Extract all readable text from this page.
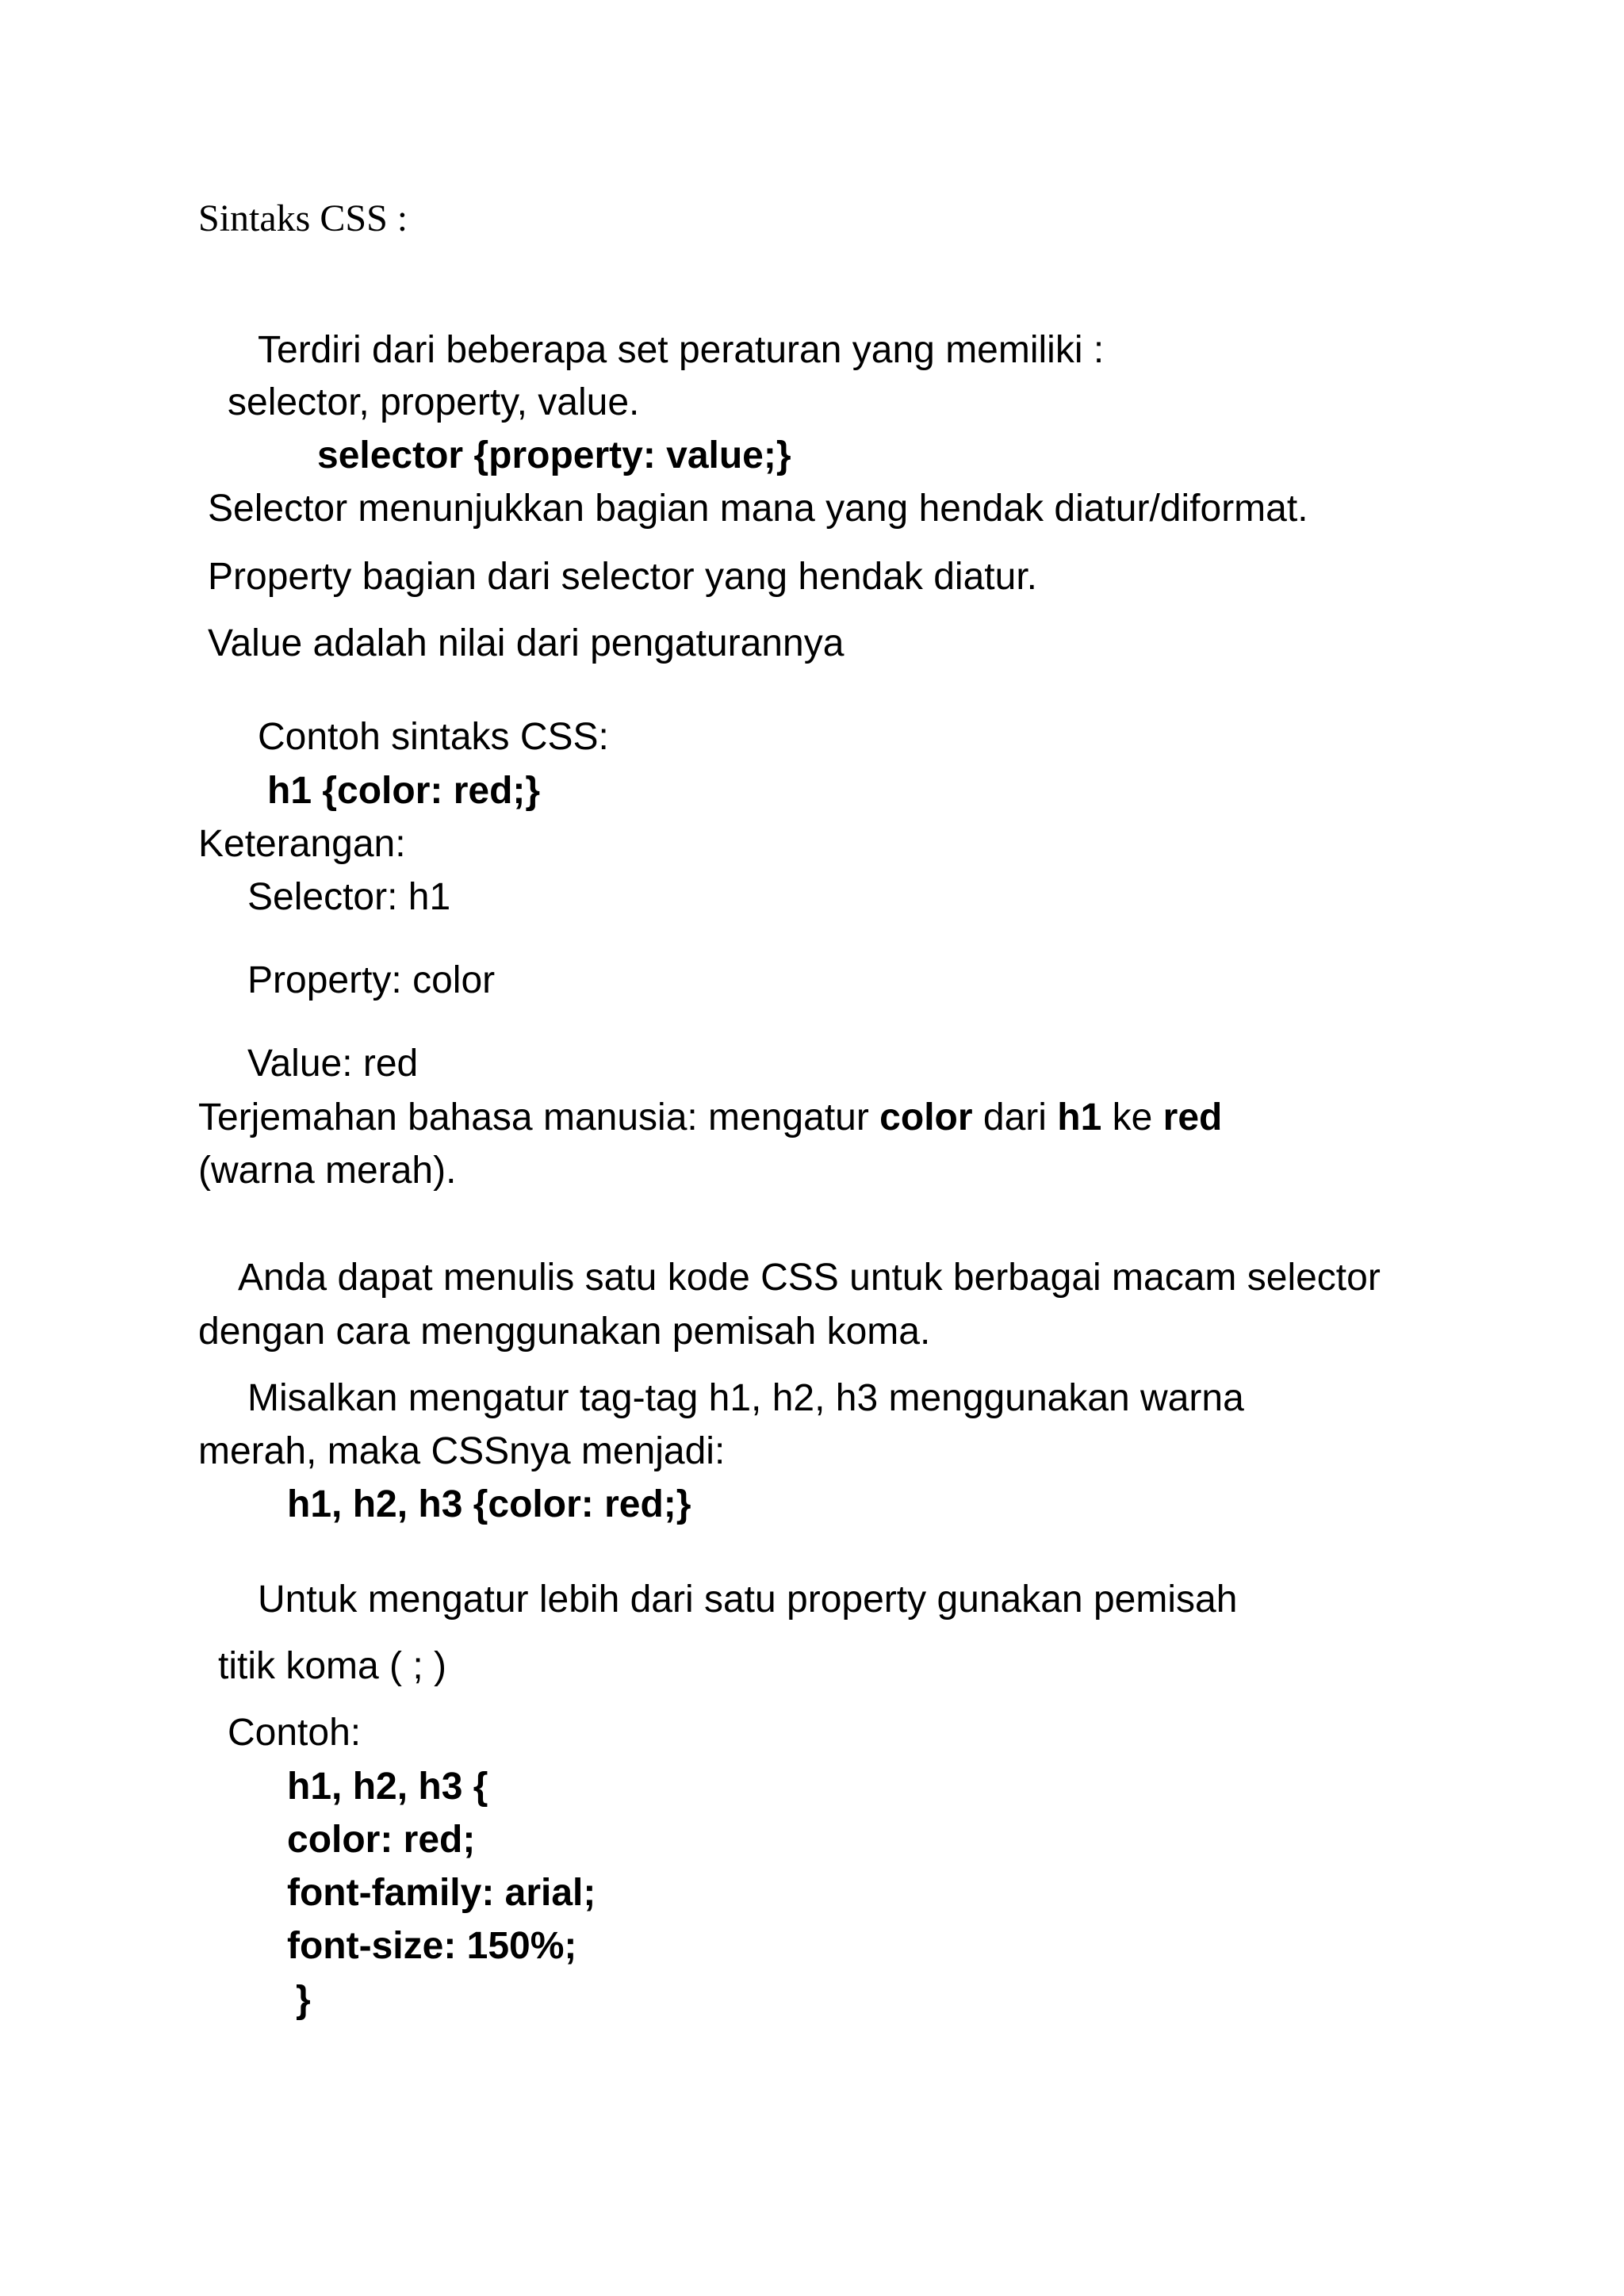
Sintaks CSS :
Terdiri dari beberapa set peraturan yang memiliki :
selector, property, value.
selector {property: value;}
Selector menunjukkan bagian mana yang hendak diatur/diformat.
Property bagian dari selector yang hendak diatur.
Value adalah nilai dari pengaturannya
Contoh sintaks CSS:
h1 {color: red;}
Keterangan:
Selector: h1
Property: color
Value: red
Terjemahan bahasa manusia: mengatur color dari h1 ke red
(warna merah).
Anda dapat menulis satu kode CSS untuk berbagai macam selector
dengan cara menggunakan pemisah koma.
Misalkan mengatur tag-tag h1, h2, h3 menggunakan warna
merah, maka CSSnya menjadi:
h1, h2, h3 {color: red;}
Untuk mengatur lebih dari satu property gunakan pemisah
titik koma ( ; )
Contoh:
h1, h2, h3 {
color: red;
font-family: arial;
font-size: 150%;
}
